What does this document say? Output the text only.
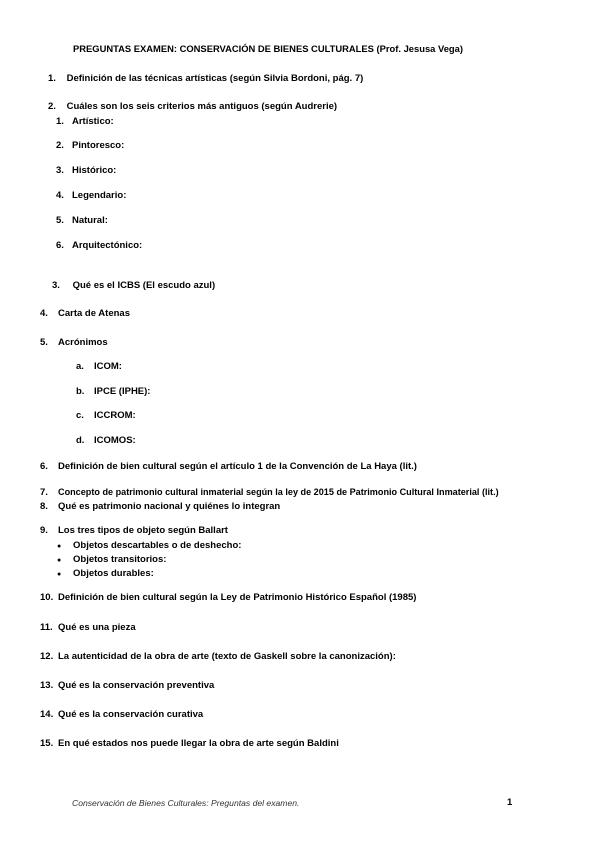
PREGUNTAS EXAMEN: CONSERVACIÓN DE BIENES CULTURALES (Prof. Jesusa Vega)
1. Definición de las técnicas artísticas (según Silvia Bordoni, pág. 7)
2. Cuáles son los seis criterios más antiguos (según Audrerie)
1. Artístico:
2. Pintoresco:
3. Histórico:
4. Legendario:
5. Natural:
6. Arquitectónico:
3. Qué es el ICBS (El escudo azul)
4. Carta de Atenas
5. Acrónimos
a. ICOM:
b. IPCE (IPHE):
c. ICCROM:
d. ICOMOS:
6. Definición de bien cultural según el artículo 1 de la Convención de La Haya (lit.)
7. Concepto de patrimonio cultural inmaterial según la ley de 2015 de Patrimonio Cultural Inmaterial (lit.)
8. Qué es patrimonio nacional y quiénes lo integran
9. Los tres tipos de objeto según Ballart
● Objetos descartables o de deshecho:
● Objetos transitorios:
● Objetos durables:
10. Definición de bien cultural según la Ley de Patrimonio Histórico Español (1985)
11. Qué es una pieza
12. La autenticidad de la obra de arte (texto de Gaskell sobre la canonización):
13. Qué es la conservación preventiva
14. Qué es la conservación curativa
15. En qué estados nos puede llegar la obra de arte según Baldini
Conservación de Bienes Culturales: Preguntas del examen.	1
